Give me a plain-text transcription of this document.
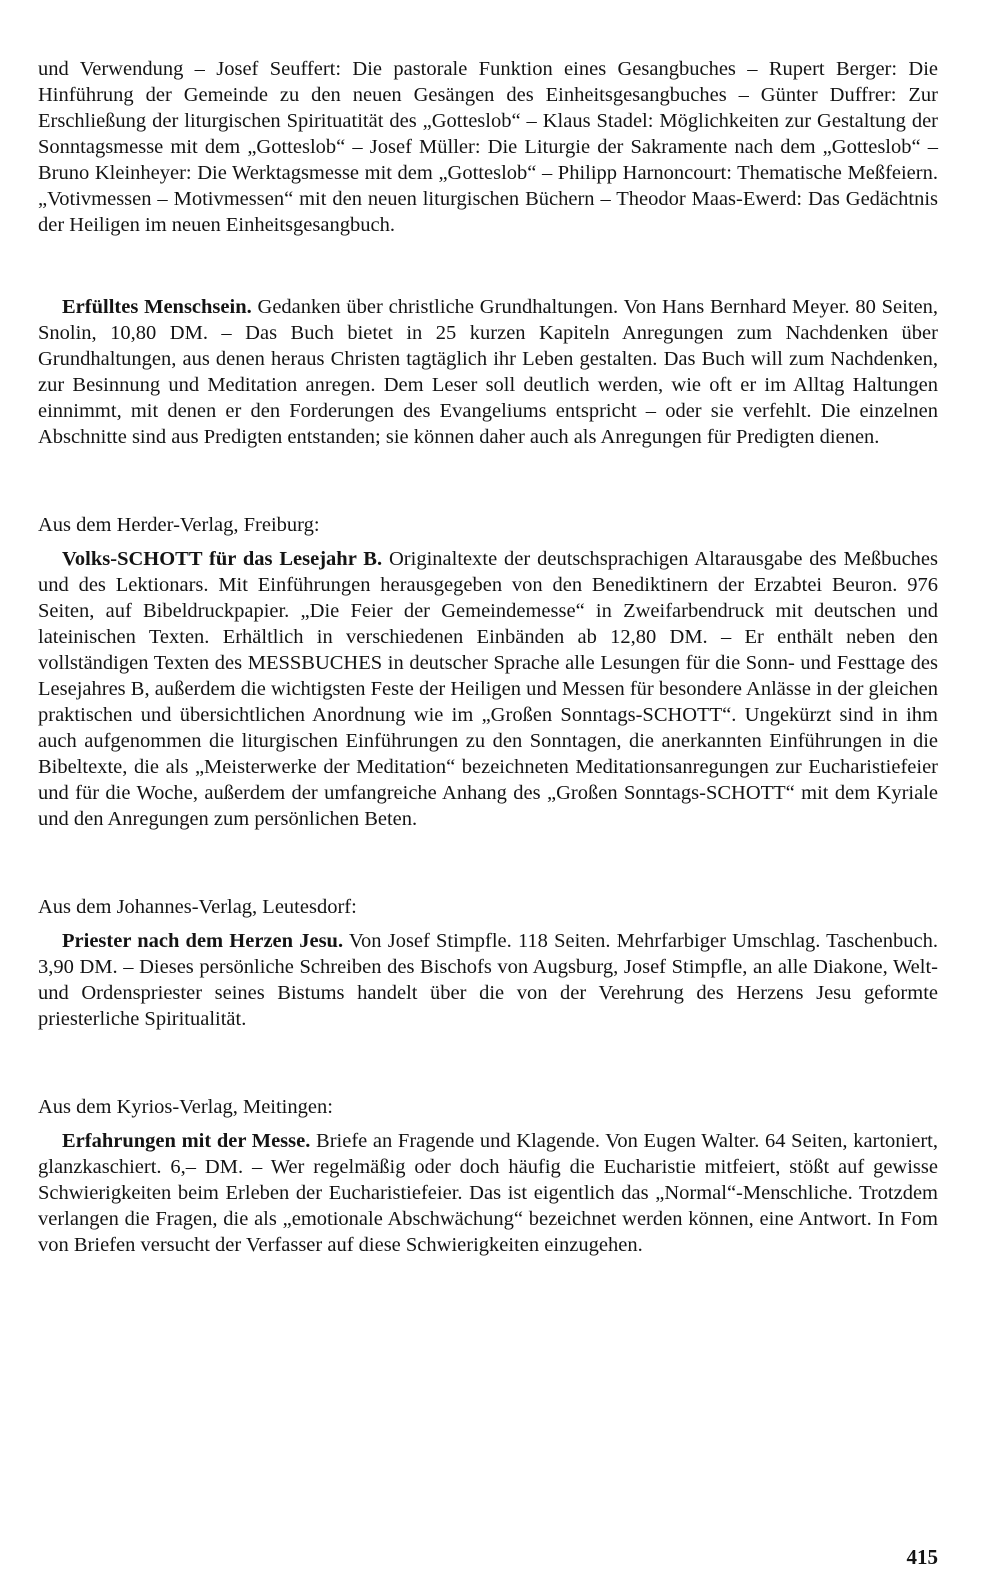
und Verwendung – Josef Seuffert: Die pastorale Funktion eines Gesangbuches – Rupert Berger: Die Hinführung der Gemeinde zu den neuen Gesängen des Einheitsgesangbuches – Günter Duffrer: Zur Erschließung der liturgischen Spirituatität des „Gotteslob“ – Klaus Stadel: Möglichkeiten zur Gestaltung der Sonntagsmesse mit dem „Gotteslob“ – Josef Müller: Die Liturgie der Sakramente nach dem „Gotteslob“ – Bruno Kleinheyer: Die Werktagsmesse mit dem „Gotteslob“ – Philipp Harnoncourt: Thematische Meßfeiern. „Votivmessen – Motivmessen“ mit den neuen liturgischen Büchern – Theodor Maas-Ewerd: Das Gedächtnis der Heiligen im neuen Einheitsgesangbuch.

Erfülltes Menschsein. Gedanken über christliche Grundhaltungen. Von Hans Bernhard Meyer. 80 Seiten, Snolin, 10,80 DM. – Das Buch bietet in 25 kurzen Kapiteln Anregungen zum Nachdenken über Grundhaltungen, aus denen heraus Christen tagtäglich ihr Leben gestalten. Das Buch will zum Nachdenken, zur Besinnung und Meditation anregen. Dem Leser soll deutlich werden, wie oft er im Alltag Haltungen einnimmt, mit denen er den Forderungen des Evangeliums entspricht – oder sie verfehlt. Die einzelnen Abschnitte sind aus Predigten entstanden; sie können daher auch als Anregungen für Predigten dienen.

Aus dem Herder-Verlag, Freiburg:

Volks-SCHOTT für das Lesejahr B. Originaltexte der deutschsprachigen Altarausgabe des Meßbuches und des Lektionars. Mit Einführungen herausgegeben von den Benediktinern der Erzabtei Beuron. 976 Seiten, auf Bibeldruckpapier. „Die Feier der Gemeindemesse“ in Zweifarbendruck mit deutschen und lateinischen Texten. Erhältlich in verschiedenen Einbänden ab 12,80 DM. – Er enthält neben den vollständigen Texten des MESSBUCHES in deutscher Sprache alle Lesungen für die Sonn- und Festtage des Lesejahres B, außerdem die wichtigsten Feste der Heiligen und Messen für besondere Anlässe in der gleichen praktischen und übersichtlichen Anordnung wie im „Großen Sonntags-SCHOTT“. Ungekürzt sind in ihm auch aufgenommen die liturgischen Einführungen zu den Sonntagen, die anerkannten Einführungen in die Bibeltexte, die als „Meisterwerke der Meditation“ bezeichneten Meditationsanregungen zur Eucharistiefeier und für die Woche, außerdem der umfangreiche Anhang des „Großen Sonntags-SCHOTT“ mit dem Kyriale und den Anregungen zum persönlichen Beten.

Aus dem Johannes-Verlag, Leutesdorf:

Priester nach dem Herzen Jesu. Von Josef Stimpfle. 118 Seiten. Mehrfarbiger Umschlag. Taschenbuch. 3,90 DM. – Dieses persönliche Schreiben des Bischofs von Augsburg, Josef Stimpfle, an alle Diakone, Welt- und Ordenspriester seines Bistums handelt über die von der Verehrung des Herzens Jesu geformte priesterliche Spiritualität.

Aus dem Kyrios-Verlag, Meitingen:

Erfahrungen mit der Messe. Briefe an Fragende und Klagende. Von Eugen Walter. 64 Seiten, kartoniert, glanzkaschiert. 6,– DM. – Wer regelmäßig oder doch häufig die Eucharistie mitfeiert, stößt auf gewisse Schwierigkeiten beim Erleben der Eucharistiefeier. Das ist eigentlich das „Normal“-Menschliche. Trotzdem verlangen die Fragen, die als „emotionale Abschwächung“ bezeichnet werden können, eine Antwort. In Fom von Briefen versucht der Verfasser auf diese Schwierigkeiten einzugehen.

415
